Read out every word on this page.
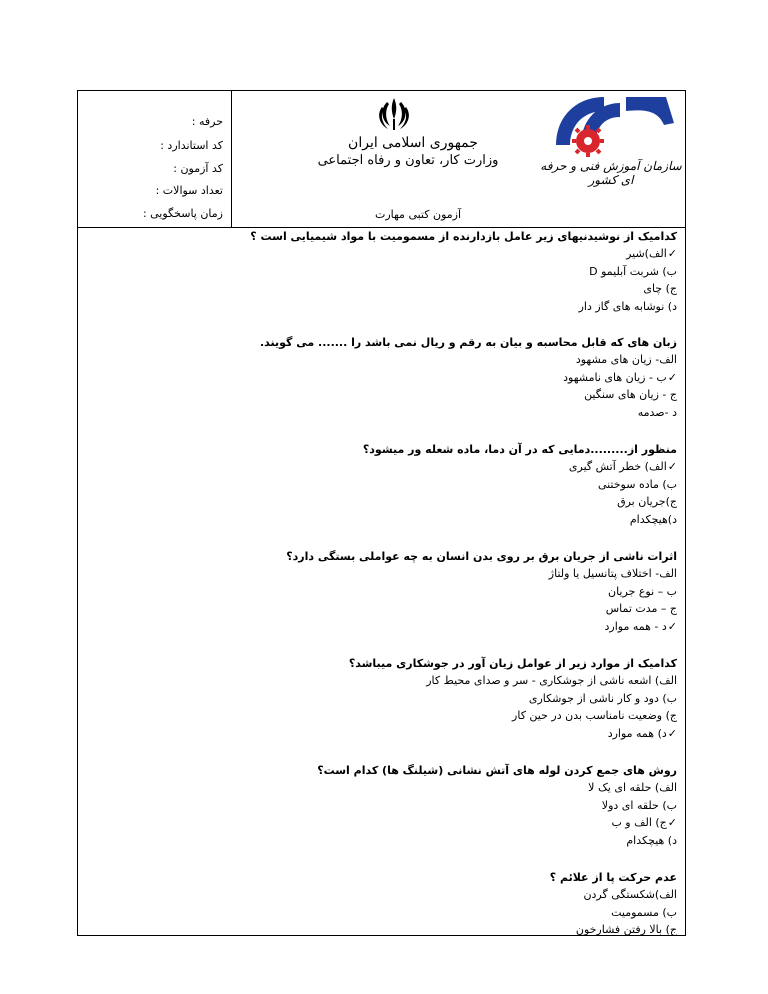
حرفه :
کد استاندارد :
کد آزمون :
تعداد سوالات :
زمان پاسخگویی :
جمهوری اسلامی ایران
وزارت کار، تعاون و رفاه اجتماعی	سازمان آموزش فنی و حرفه ای کشور
آزمون کتبی مهارت
کدامیک از نوشیدنیهای زیر عامل بازدارنده از مسمومیت با مواد شیمیایی است ؟
✓الف)شیر
ب) شربت آبلیمو D
ج) چای
د) نوشابه های گاز دار
زبان های که قابل محاسبه و بیان به رقم و ریال نمی باشد را ....... می گویند.
الف- زیان های مشهود
✓ب - زیان های نامشهود
ج - زیان های سنگین
د -صدمه
منظور از.........دمایی که در آن دما، ماده شعله ور میشود؟
✓الف) خطر آتش گیری
ب) ماده سوختنی
ج)جریان برق
د)هیچکدام
اثرات ناشی از جریان برق بر روی بدن انسان به چه عواملی بستگی دارد؟
الف- اختلاف پتانسیل یا ولتاژ
ب – نوع جریان
ج – مدت تماس
✓د - همه موارد
کدامیک از موارد زیر از عوامل زیان آور در جوشکاری میباشد؟
الف) اشعه ناشی از جوشکاری - سر و صدای محیط کار
ب) دود و کار ناشی از جوشکاری
ج) وضعیت نامناسب بدن در حین کار
✓د) همه موارد
روش های جمع کردن لوله های آتش نشانی (شیلنگ ها) کدام است؟
الف) حلقه ای یک لا
ب) حلقه ای دولا
✓ج) الف و ب
د) هیچکدام
عدم حرکت پا از علائم ؟
الف)شکستگی گردن
ب) مسمومیت
ج) بالا رفتن فشارخون
